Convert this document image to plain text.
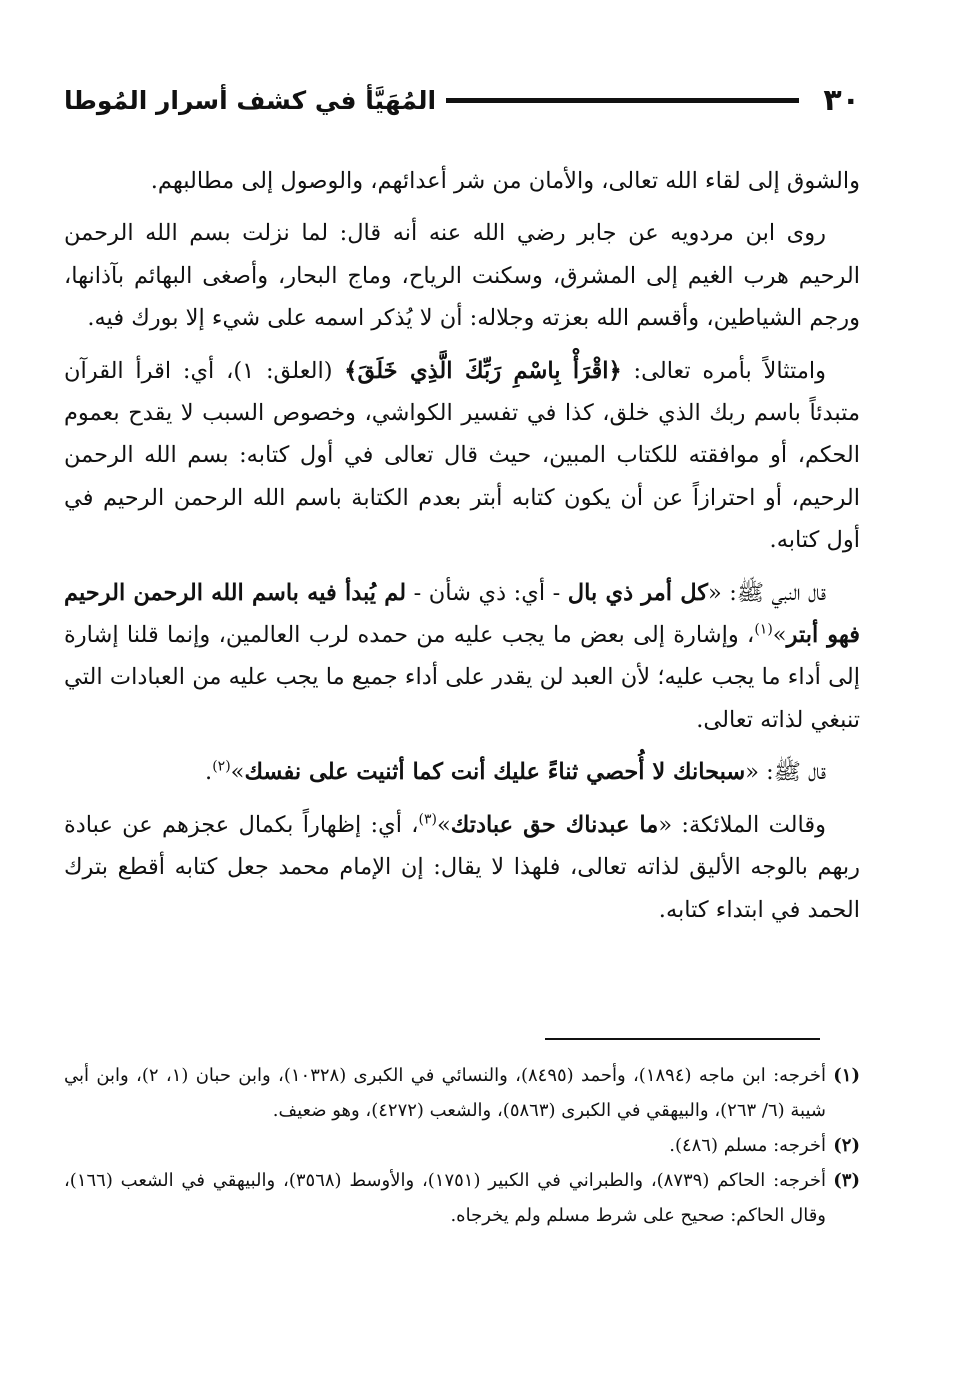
٣٠
المُهَيَّأ في كشف أسرار المُوطا

والشوق إلى لقاء الله تعالى، والأمان من شر أعدائهم، والوصول إلى مطالبهم.

روى ابن مردويه عن جابر رضي الله عنه أنه قال: لما نزلت بسم الله الرحمن الرحيم هرب الغيم إلى المشرق، وسكنت الرياح، وماج البحار، وأصغى البهائم بآذانها، ورجم الشياطين، وأقسم الله بعزته وجلاله: أن لا يُذكر اسمه على شيء إلا بورك فيه.

وامتثالاً بأمره تعالى: ﴿اقْرَأْ بِاسْمِ رَبِّكَ الَّذِي خَلَقَ﴾ (العلق: ١)، أي: اقرأ القرآن متبدئاً باسم ربك الذي خلق، كذا في تفسير الكواشي، وخصوص السبب لا يقدح بعموم الحكم، أو موافقته للكتاب المبين، حيث قال تعالى في أول كتابه: بسم الله الرحمن الرحيم، أو احترازاً عن أن يكون كتابه أبتر بعدم الكتابة باسم الله الرحمن الرحيم في أول كتابه.

قال النبي ﷺ: «كل أمر ذي بال - أي: ذي شأن - لم يُبدأ فيه باسم الله الرحمن الرحيم فهو أبتر»$^{(١)}$، وإشارة إلى بعض ما يجب عليه من حمده لرب العالمين، وإنما قلنا إشارة إلى أداء ما يجب عليه؛ لأن العبد لن يقدر على أداء جميع ما يجب عليه من العبادات التي تنبغي لذاته تعالى.

قال ﷺ: «سبحانك لا أُحصي ثناءً عليك أنت كما أثنيت على نفسك»$^{(٢)}$.

وقالت الملائكة: «ما عبدناك حق عبادتك»$^{(٣)}$، أي: إظهاراً بكمال عجزهم عن عبادة ربهم بالوجه الأليق لذاته تعالى، فلهذا لا يقال: إن الإمام محمد جعل كتابه أقطع بترك الحمد في ابتداء كتابه.

(١)
أخرجه: ابن ماجه (١٨٩٤)، وأحمد (٨٤٩٥)، والنسائي في الكبرى (١٠٣٢٨)، وابن حبان (١، ٢)، وابن أبي شيبة (٦/ ٢٦٣)، والبيهقي في الكبرى (٥٨٦٣)، والشعب (٤٢٧٢)، وهو ضعيف.
(٢)
أخرجه: مسلم (٤٨٦).
(٣)
أخرجه: الحاكم (٨٧٣٩)، والطبراني في الكبير (١٧٥١)، والأوسط (٣٥٦٨)، والبيهقي في الشعب (١٦٦)، وقال الحاكم: صحيح على شرط مسلم ولم يخرجاه.
